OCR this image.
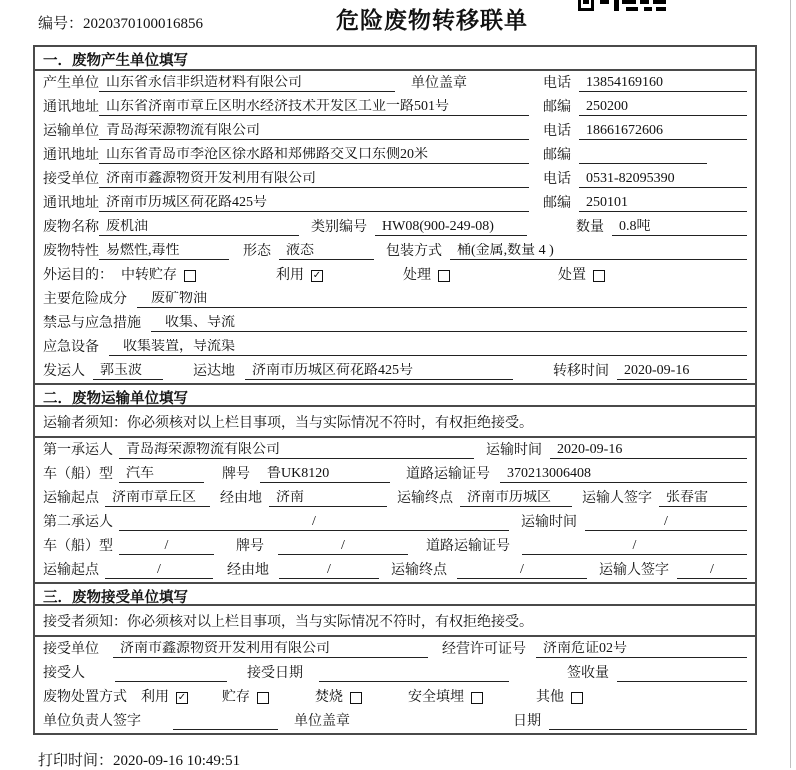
编号：2020370100016856	危险废物转移联单
一．废物产生单位填写
产生单位 山东省永信非织造材料有限公司	单位盖章	电话	13854169160
通讯地址 山东省济南市章丘区明水经济技术开发区工业一路501号	邮编	250200
运输单位 青岛海荣源物流有限公司	电话	18661672606
通讯地址 山东省青岛市李沧区徐水路和郑佛路交叉口东侧20米	邮编
接受单位 济南市鑫源物资开发利用有限公司	电话	0531-82095390
通讯地址 济南市历城区荷花路425号	邮编	250101
废物名称 废机油	类别编号	HW08(900-249-08)	数量	0.8吨
废物特性 易燃性,毒性	形态	液态	包装方式	桶(金属,数量 4 )
外运目的： 中转贮存	利用 ✓	处理	处置
主要危险成分	废矿物油
禁忌与应急措施	收集、导流
应急设备	收集装置，导流渠
发运人	郭玉波	运达地	济南市历城区荷花路425号	转移时间	2020-09-16
二．废物运输单位填写
运输者须知：你必须核对以上栏目事项，当与实际情况不符时，有权拒绝接受。
第一承运人 青岛海荣源物流有限公司	运输时间	2020-09-16
车（船）型 汽车	牌号	鲁UK8120	道路运输证号	370213006408
运输起点 济南市章丘区	经由地	济南	运输终点	济南市历城区	运输人签字	张春雷
第二承运人	/	运输时间	/
车（船）型	/	牌号	/	道路运输证号	/
运输起点	/	经由地	/	运输终点	/	运输人签字	/
三．废物接受单位填写
接受者须知：你必须核对以上栏目事项，当与实际情况不符时，有权拒绝接受。
接受单位	济南市鑫源物资开发利用有限公司	经营许可证号	济南危证02号
接受人	接受日期	签收量
废物处置方式 利用 ✓	贮存	焚烧	安全填埋	其他
单位负责人签字	单位盖章	日期
打印时间：2020-09-16 10:49:51
